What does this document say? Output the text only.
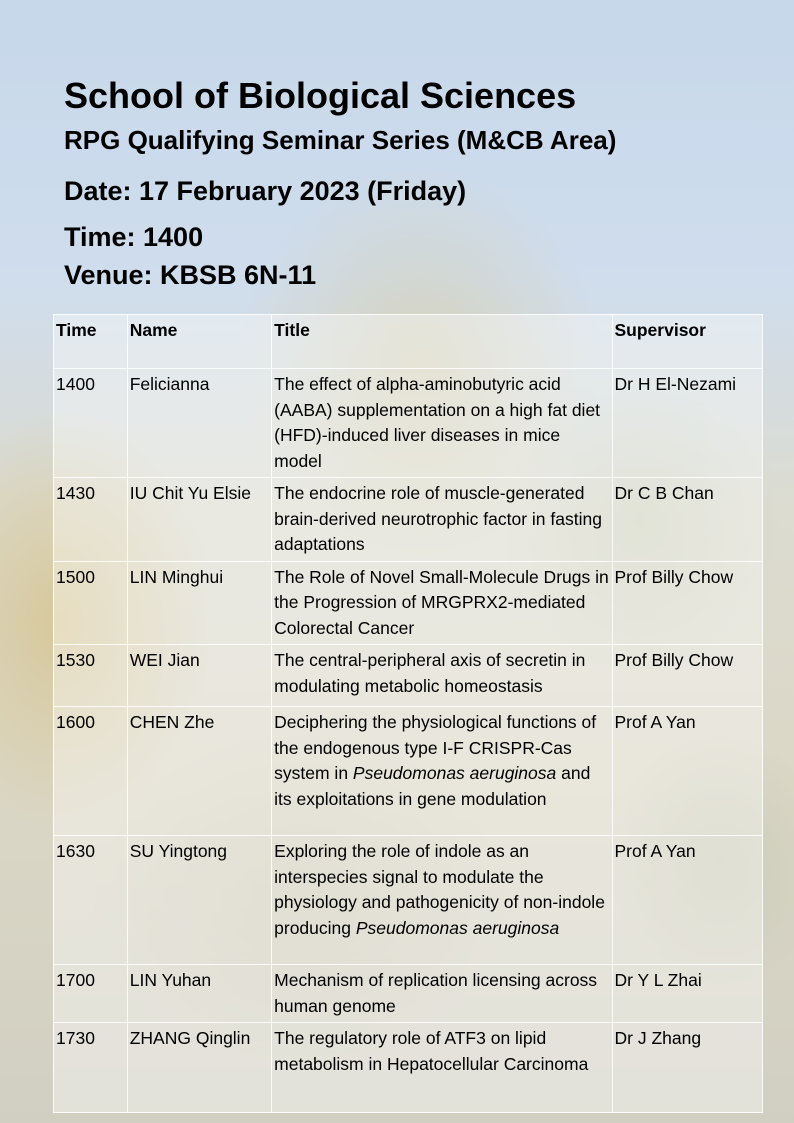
School of Biological Sciences
RPG Qualifying Seminar Series (M&CB Area)
Date: 17 February 2023 (Friday)
Time: 1400
Venue: KBSB 6N-11
Time	Name	Title	Supervisor
1400	Felicianna	The effect of alpha-aminobutyric acid (AABA) supplementation on a high fat diet (HFD)-induced liver diseases in mice model	Dr H El-Nezami
1430	IU Chit Yu Elsie	The endocrine role of muscle-generated brain-derived neurotrophic factor in fasting adaptations	Dr C B Chan
1500	LIN Minghui	The Role of Novel Small-Molecule Drugs in the Progression of MRGPRX2-mediated Colorectal Cancer	Prof Billy Chow
1530	WEI Jian	The central-peripheral axis of secretin in modulating metabolic homeostasis	Prof Billy Chow
1600	CHEN Zhe	Deciphering the physiological functions of the endogenous type I-F CRISPR-Cas system in Pseudomonas aeruginosa and its exploitations in gene modulation	Prof A Yan
1630	SU Yingtong	Exploring the role of indole as an interspecies signal to modulate the physiology and pathogenicity of non-indole producing Pseudomonas aeruginosa	Prof A Yan
1700	LIN Yuhan	Mechanism of replication licensing across human genome	Dr Y L Zhai
1730	ZHANG Qinglin	The regulatory role of ATF3 on lipid metabolism in Hepatocellular Carcinoma	Dr J Zhang
